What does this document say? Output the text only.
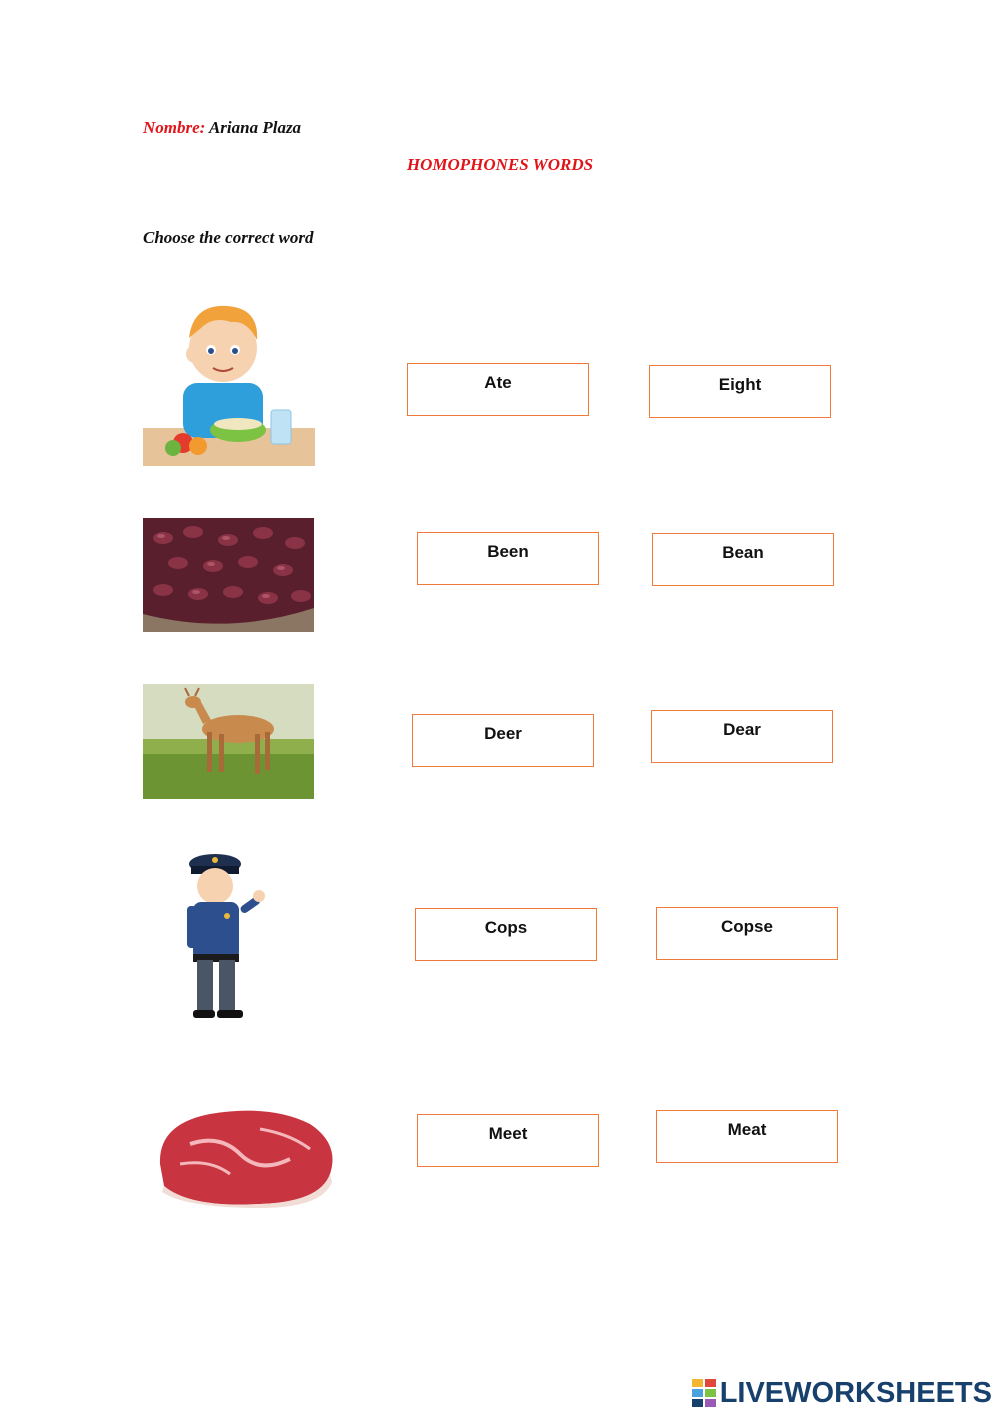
Nombre: Ariana Plaza
HOMOPHONES WORDS
Choose the correct word
Ate	Eight
Been	Bean
Deer	Dear
Cops	Copse
Meet	Meat
LIVEWORKSHEETS
